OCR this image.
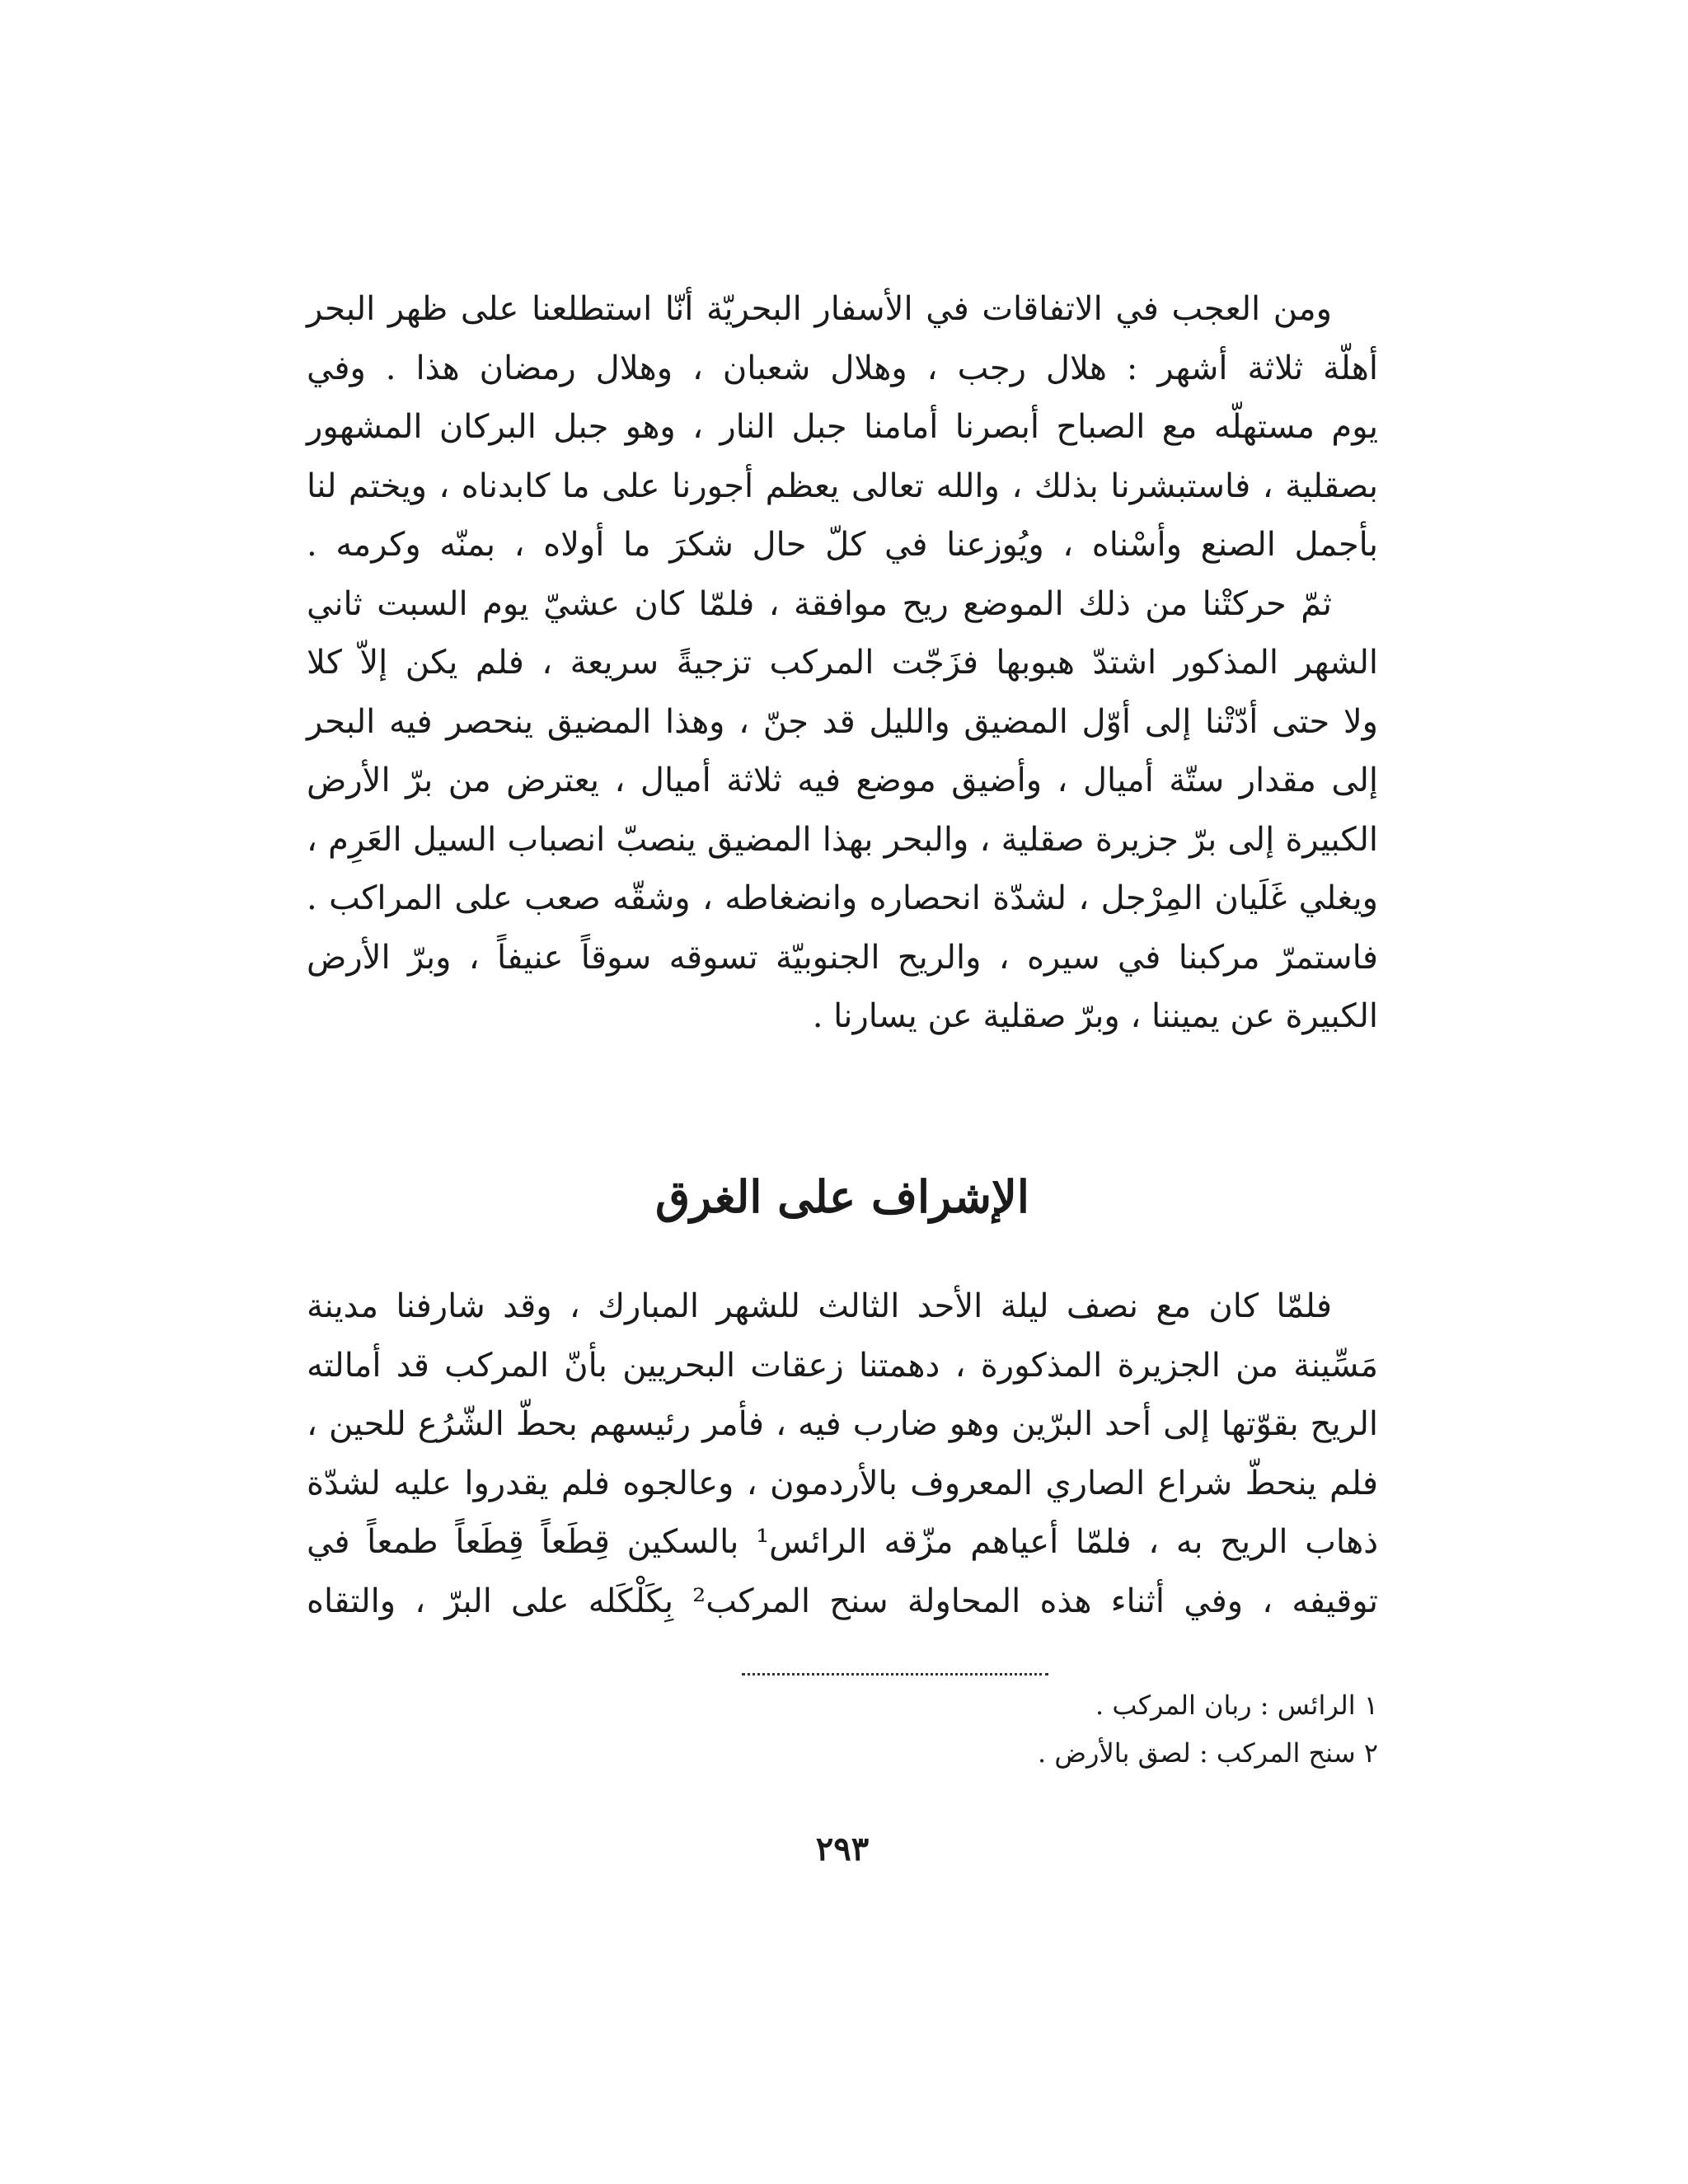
ومن العجب في الاتفاقات في الأسفار البحريّة أنّا استطلعنا على ظهر البحر
أهلّة ثلاثة أشهر : هلال رجب ، وهلال شعبان ، وهلال رمضان هذا . وفي
يوم مستهلّه مع الصباح أبصرنا أمامنا جبل النار ، وهو جبل البركان المشهور
بصقلية ، فاستبشرنا بذلك ، والله تعالى يعظم أجورنا على ما كابدناه ، ويختم لنا
بأجمل الصنع وأسْناه ، ويُوزعنا في كلّ حال شكرَ ما أولاه ، بمنّه وكرمه .
ثمّ حركتْنا من ذلك الموضع ريح موافقة ، فلمّا كان عشيّ يوم السبت ثاني
الشهر المذكور اشتدّ هبوبها فزَجّت المركب تزجيةً سريعة ، فلم يكن إلاّ كلا
ولا حتى أدّتْنا إلى أوّل المضيق والليل قد جنّ ، وهذا المضيق ينحصر فيه البحر
إلى مقدار ستّة أميال ، وأضيق موضع فيه ثلاثة أميال ، يعترض من برّ الأرض
الكبيرة إلى برّ جزيرة صقلية ، والبحر بهذا المضيق ينصبّ انصباب السيل العَرِم ،
ويغلي غَلَيان المِرْجل ، لشدّة انحصاره وانضغاطه ، وشقّه صعب على المراكب .
فاستمرّ مركبنا في سيره ، والريح الجنوبيّة تسوقه سوقاً عنيفاً ، وبرّ الأرض
الكبيرة عن يميننا ، وبرّ صقلية عن يسارنا .
الإشراف على الغرق
فلمّا كان مع نصف ليلة الأحد الثالث للشهر المبارك ، وقد شارفنا مدينة
مَسِّينة من الجزيرة المذكورة ، دهمتنا زعقات البحريين بأنّ المركب قد أمالته
الريح بقوّتها إلى أحد البرّين وهو ضارب فيه ، فأمر رئيسهم بحطّ الشّرُع للحين ،
فلم ينحطّ شراع الصاري المعروف بالأردمون ، وعالجوه فلم يقدروا عليه لشدّة
ذهاب الريح به ، فلمّا أعياهم مزّقه الرائس¹ بالسكين قِطَعاً قِطَعاً طمعاً في
توقيفه ، وفي أثناء هذه المحاولة سنح المركب² بِكَلْكَله على البرّ ، والتقاه
١ الرائس : ربان المركب .
٢ سنح المركب : لصق بالأرض .
٢٩٣
